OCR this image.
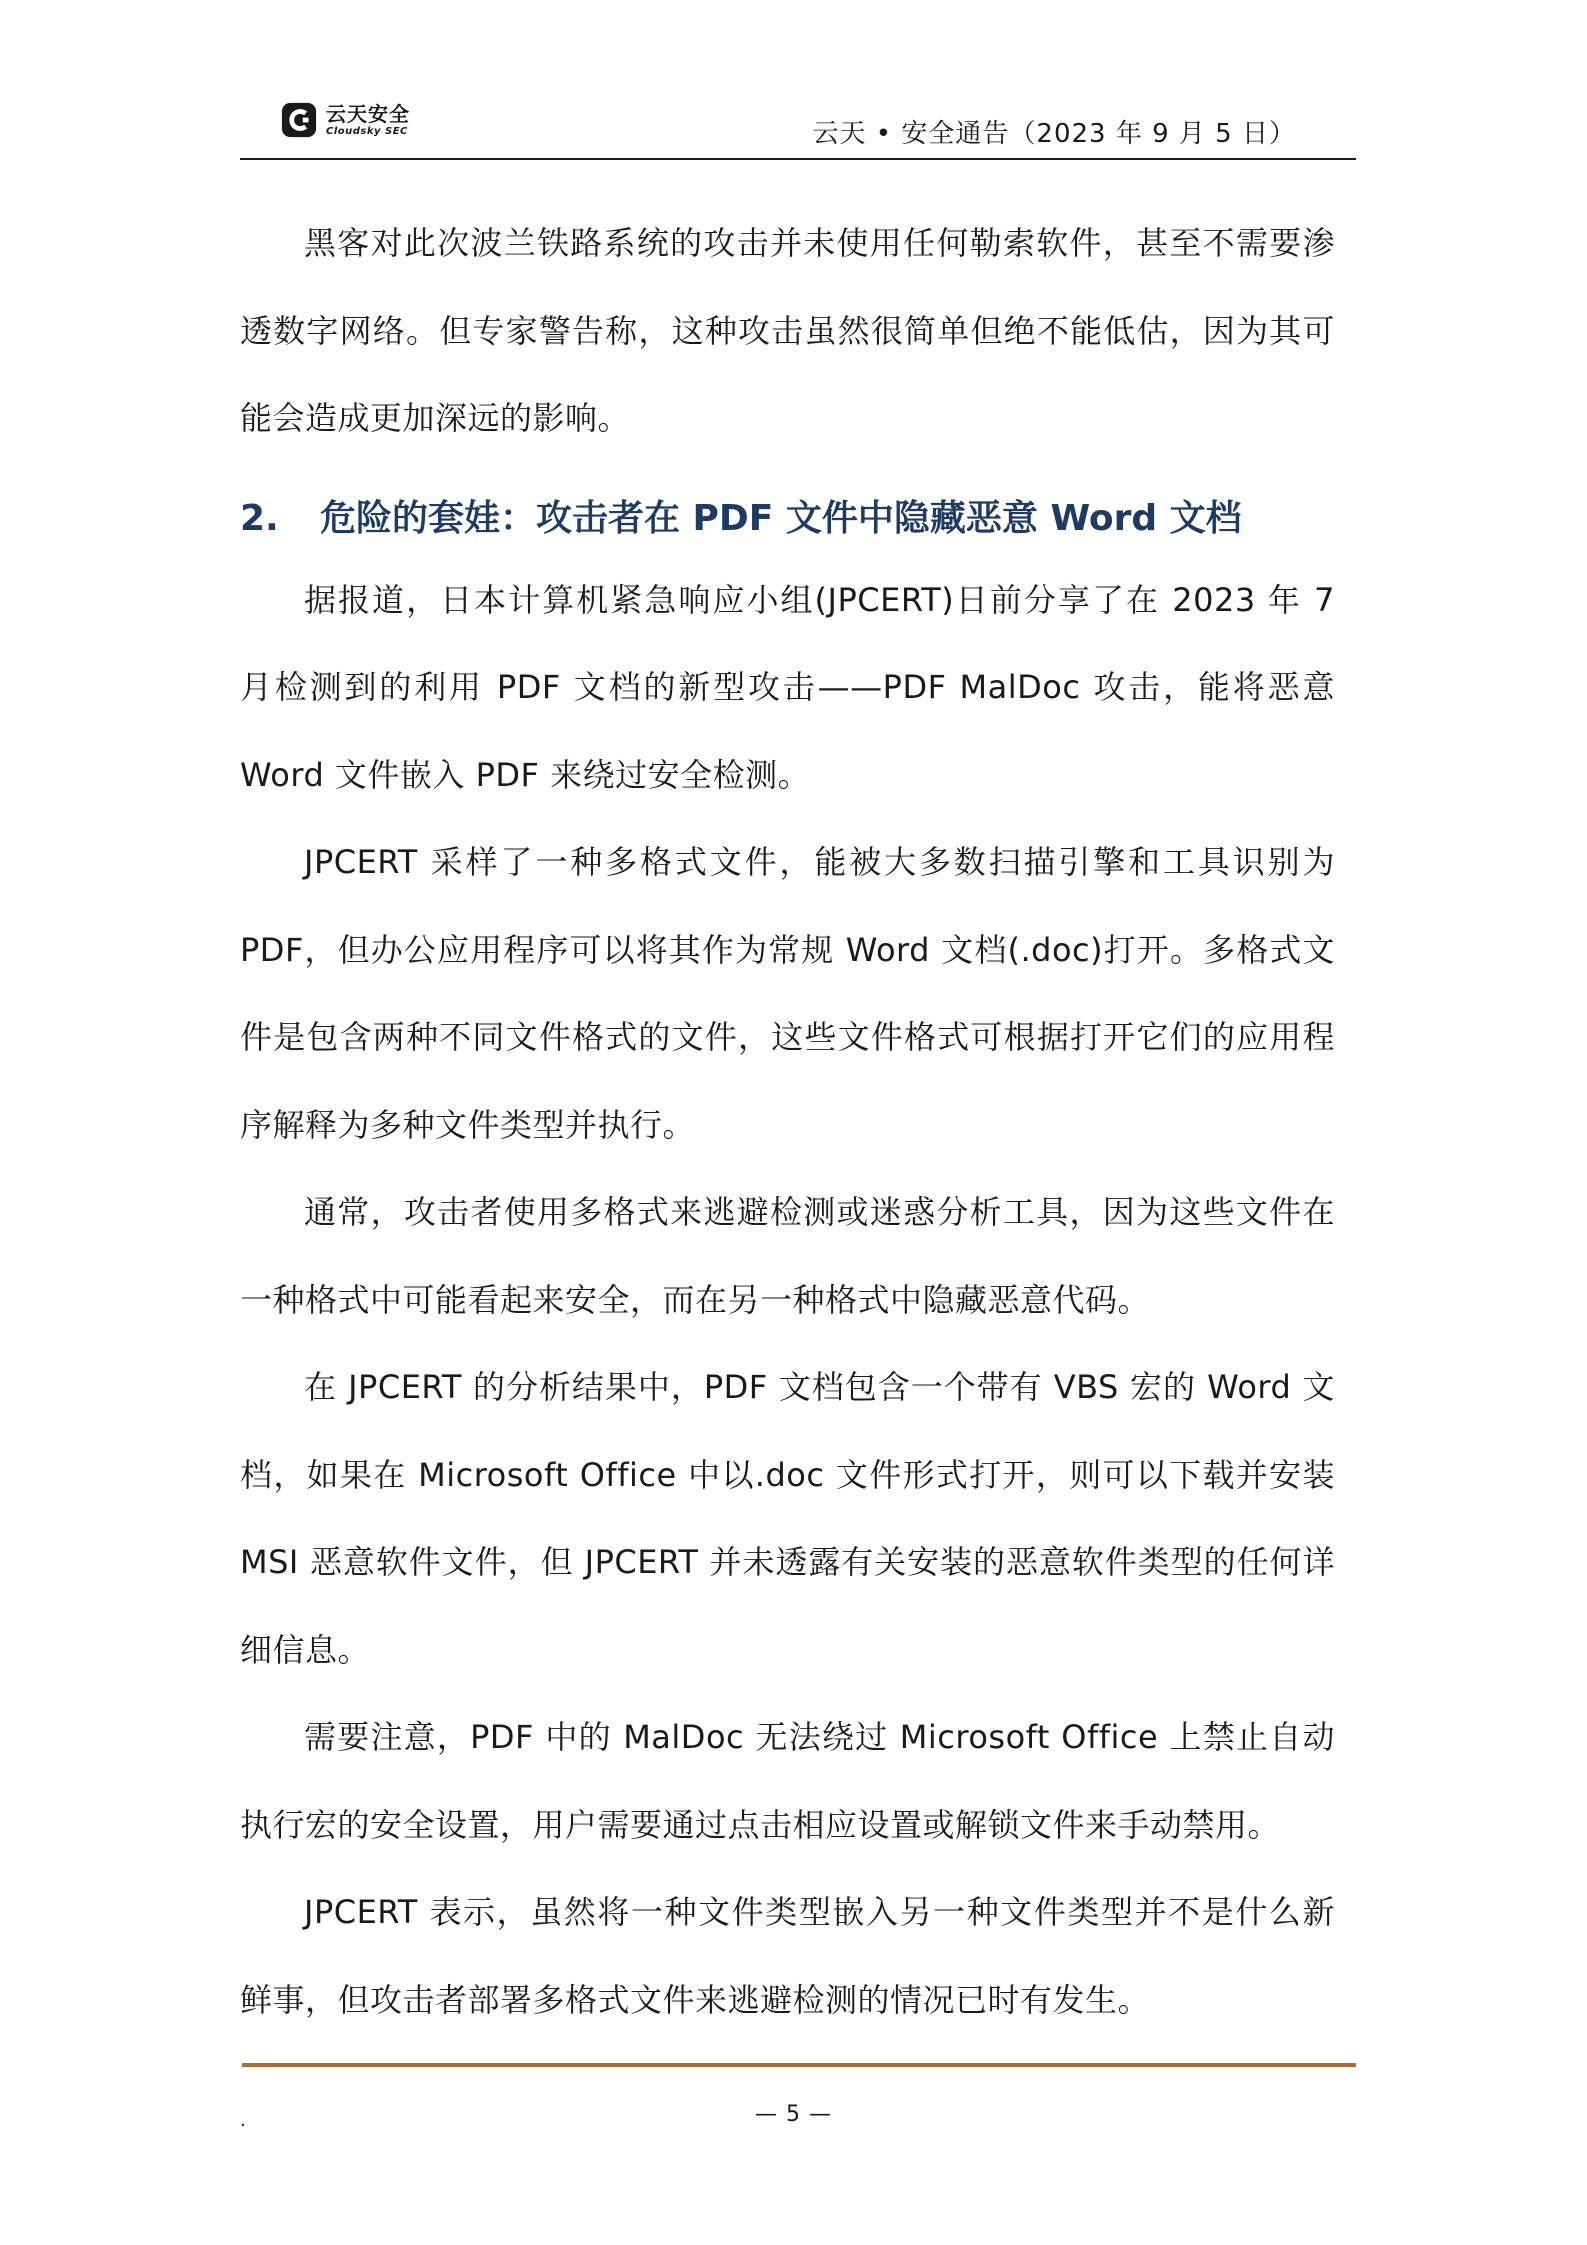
云天安全
Cloudsky SEC	云天 • 安全通告（2023 年 9 月 5 日）

黑客对此次波兰铁路系统的攻击并未使用任何勒索软件，甚至不需要渗透数字网络。但专家警告称，这种攻击虽然很简单但绝不能低估，因为其可能会造成更加深远的影响。

2. 危险的套娃：攻击者在 PDF 文件中隐藏恶意 Word 文档

据报道，日本计算机紧急响应小组(JPCERT)日前分享了在 2023 年 7 月检测到的利用 PDF 文档的新型攻击——PDF MalDoc 攻击，能将恶意 Word 文件嵌入 PDF 来绕过安全检测。

JPCERT 采样了一种多格式文件，能被大多数扫描引擎和工具识别为 PDF，但办公应用程序可以将其作为常规 Word 文档(.doc)打开。多格式文件是包含两种不同文件格式的文件，这些文件格式可根据打开它们的应用程序解释为多种文件类型并执行。

通常，攻击者使用多格式来逃避检测或迷惑分析工具，因为这些文件在一种格式中可能看起来安全，而在另一种格式中隐藏恶意代码。

在 JPCERT 的分析结果中，PDF 文档包含一个带有 VBS 宏的 Word 文档，如果在 Microsoft Office 中以.doc 文件形式打开，则可以下载并安装 MSI 恶意软件文件，但 JPCERT 并未透露有关安装的恶意软件类型的任何详细信息。

需要注意，PDF 中的 MalDoc 无法绕过 Microsoft Office 上禁止自动执行宏的安全设置，用户需要通过点击相应设置或解锁文件来手动禁用。

JPCERT 表示，虽然将一种文件类型嵌入另一种文件类型并不是什么新鲜事，但攻击者部署多格式文件来逃避检测的情况已时有发生。

.	— 5 —
